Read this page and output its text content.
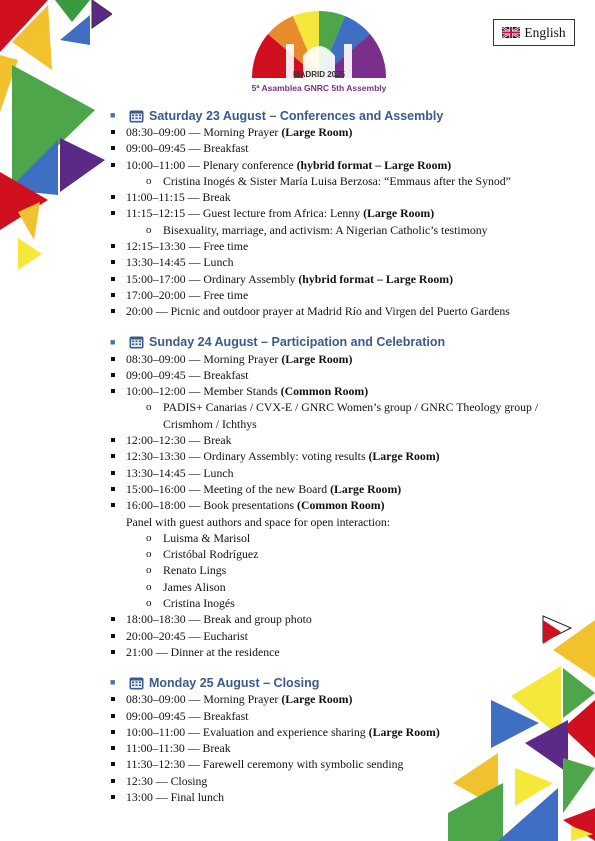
MADRID 2025
5ª Asamblea GNRC 5th Assembly
English
■	Saturday 23 August – Conferences and Assembly
08:30–09:00 — Morning Prayer (Large Room)
09:00–09:45 — Breakfast
10:00–11:00 — Plenary conference (hybrid format – Large Room)
o Cristina Inogés & Sister María Luisa Berzosa: “Emmaus after the Synod”
11:00–11:15 — Break
11:15–12:15 — Guest lecture from Africa: Lenny (Large Room)
o Bisexuality, marriage, and activism: A Nigerian Catholic’s testimony
12:15–13:30 — Free time
13:30–14:45 — Lunch
15:00–17:00 — Ordinary Assembly (hybrid format – Large Room)
17:00–20:00 — Free time
20:00 — Picnic and outdoor prayer at Madrid Río and Virgen del Puerto Gardens
■	Sunday 24 August – Participation and Celebration
08:30–09:00 — Morning Prayer (Large Room)
09:00–09:45 — Breakfast
10:00–12:00 — Member Stands (Common Room)
o PADIS+ Canarias / CVX-E / GNRC Women’s group / GNRC Theology group / Crismhom / Ichthys
12:00–12:30 — Break
12:30–13:30 — Ordinary Assembly: voting results (Large Room)
13:30–14:45 — Lunch
15:00–16:00 — Meeting of the new Board (Large Room)
16:00–18:00 — Book presentations (Common Room)
Panel with guest authors and space for open interaction:
o Luisma & Marisol
o Cristóbal Rodríguez
o Renato Lings
o James Alison
o Cristina Inogés
18:00–18:30 — Break and group photo
20:00–20:45 — Eucharist
21:00 — Dinner at the residence
■	Monday 25 August – Closing
08:30–09:00 — Morning Prayer (Large Room)
09:00–09:45 — Breakfast
10:00–11:00 — Evaluation and experience sharing (Large Room)
11:00–11:30 — Break
11:30–12:30 — Farewell ceremony with symbolic sending
12:30 — Closing
13:00 — Final lunch
